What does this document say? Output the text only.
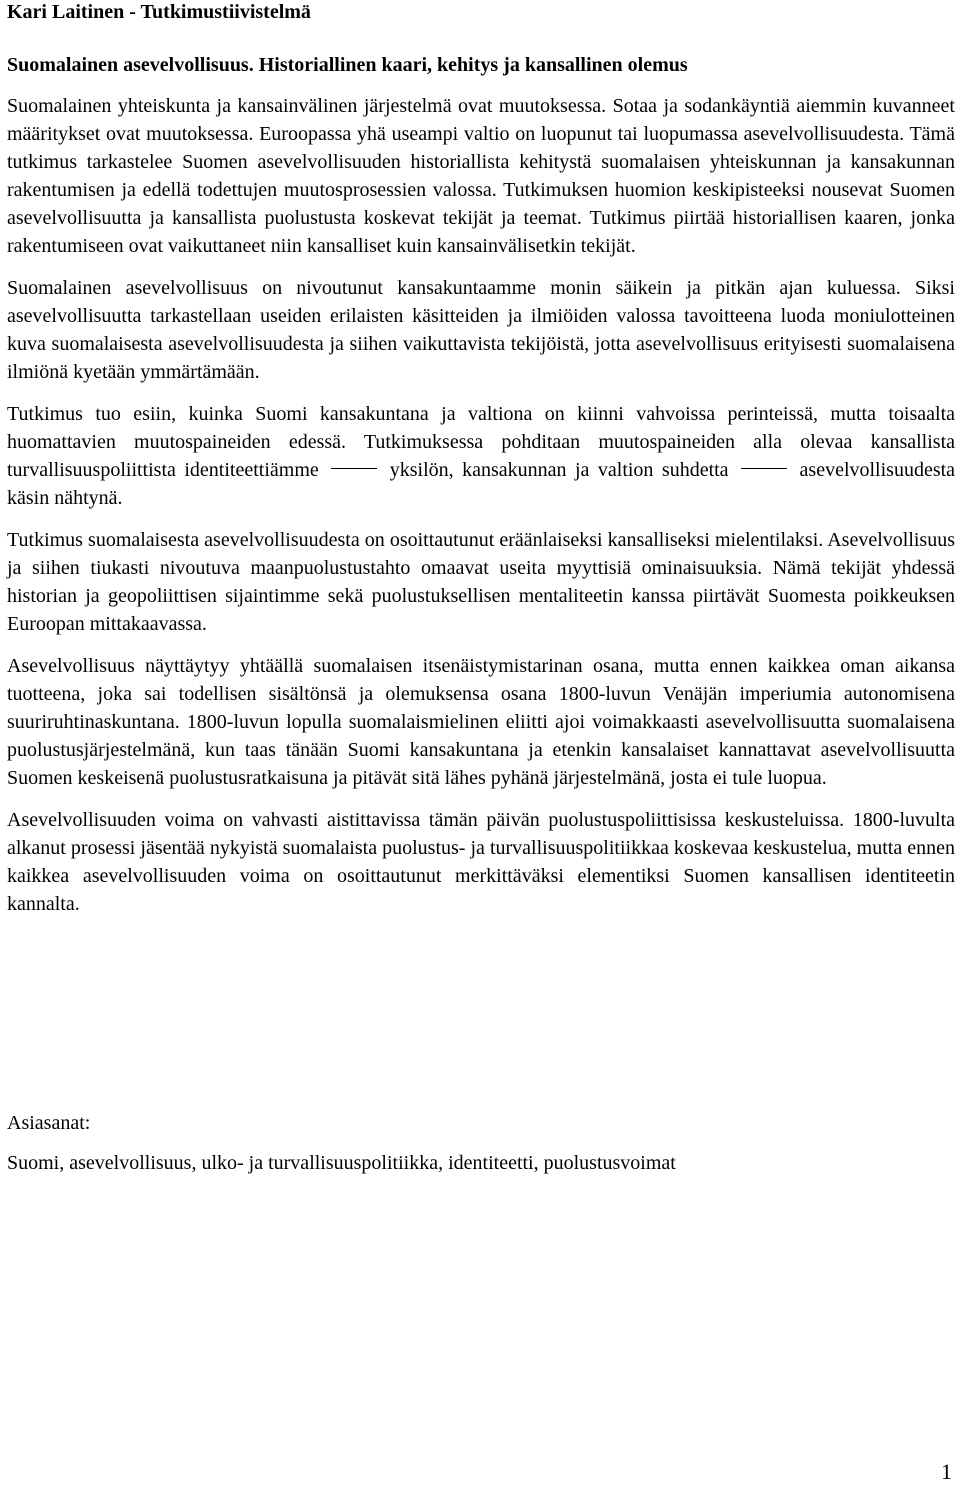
Kari Laitinen - Tutkimustiivistelmä

Suomalainen asevelvollisuus. Historiallinen kaari, kehitys ja kansallinen olemus

Suomalainen yhteiskunta ja kansainvälinen järjestelmä ovat muutoksessa. Sotaa ja sodankäyntiä aiemmin kuvanneet määritykset ovat muutoksessa. Euroopassa yhä useampi valtio on luopunut tai luopumassa asevelvollisuudesta. Tämä tutkimus tarkastelee Suomen asevelvollisuuden historiallista kehitystä suomalaisen yhteiskunnan ja kansakunnan rakentumisen ja edellä todettujen muutosprosessien valossa. Tutkimuksen huomion keskipisteeksi nousevat Suomen asevelvollisuutta ja kansallista puolustusta koskevat tekijät ja teemat. Tutkimus piirtää historiallisen kaaren, jonka rakentumiseen ovat vaikuttaneet niin kansalliset kuin kansainvälisetkin tekijät.

Suomalainen asevelvollisuus on nivoutunut kansakuntaamme monin säikein ja pitkän ajan kuluessa. Siksi asevelvollisuutta tarkastellaan useiden erilaisten käsitteiden ja ilmiöiden valossa tavoitteena luoda moniulotteinen kuva suomalaisesta asevelvollisuudesta ja siihen vaikuttavista tekijöistä, jotta asevelvollisuus erityisesti suomalaisena ilmiönä kyetään ymmärtämään.

Tutkimus tuo esiin, kuinka Suomi kansakuntana ja valtiona on kiinni vahvoissa perinteissä, mutta toisaalta huomattavien muutospaineiden edessä. Tutkimuksessa pohditaan muutospaineiden alla olevaa kansallista turvallisuuspoliittista identiteettiämme	yksilön, kansakunnan ja valtion suhdetta	asevelvollisuudesta käsin nähtynä.

Tutkimus suomalaisesta asevelvollisuudesta on osoittautunut eräänlaiseksi kansalliseksi mielentilaksi. Asevelvollisuus ja siihen tiukasti nivoutuva maanpuolustustahto omaavat useita myyttisiä ominaisuuksia. Nämä tekijät yhdessä historian ja geopoliittisen sijaintimme sekä puolustuksellisen mentaliteetin kanssa piirtävät Suomesta poikkeuksen Euroopan mittakaavassa.

Asevelvollisuus näyttäytyy yhtäällä suomalaisen itsenäistymistarinan osana, mutta ennen kaikkea oman aikansa tuotteena, joka sai todellisen sisältönsä ja olemuksensa osana 1800-luvun Venäjän imperiumia autonomisena suuriruhtinaskuntana. 1800-luvun lopulla suomalaismielinen eliitti ajoi voimakkaasti asevelvollisuutta suomalaisena puolustusjärjestelmänä, kun taas tänään Suomi kansakuntana ja etenkin kansalaiset kannattavat asevelvollisuutta Suomen keskeisenä puolustusratkaisuna ja pitävät sitä lähes pyhänä järjestelmänä, josta ei tule luopua.

Asevelvollisuuden voima on vahvasti aistittavissa tämän päivän puolustuspoliittisissa keskusteluissa. 1800-luvulta alkanut prosessi jäsentää nykyistä suomalaista puolustus- ja turvallisuuspolitiikkaa koskevaa keskustelua, mutta ennen kaikkea asevelvollisuuden voima on osoittautunut merkittäväksi elementiksi Suomen kansallisen identiteetin kannalta.

Asiasanat:

Suomi, asevelvollisuus, ulko- ja turvallisuuspolitiikka, identiteetti, puolustusvoimat

1
